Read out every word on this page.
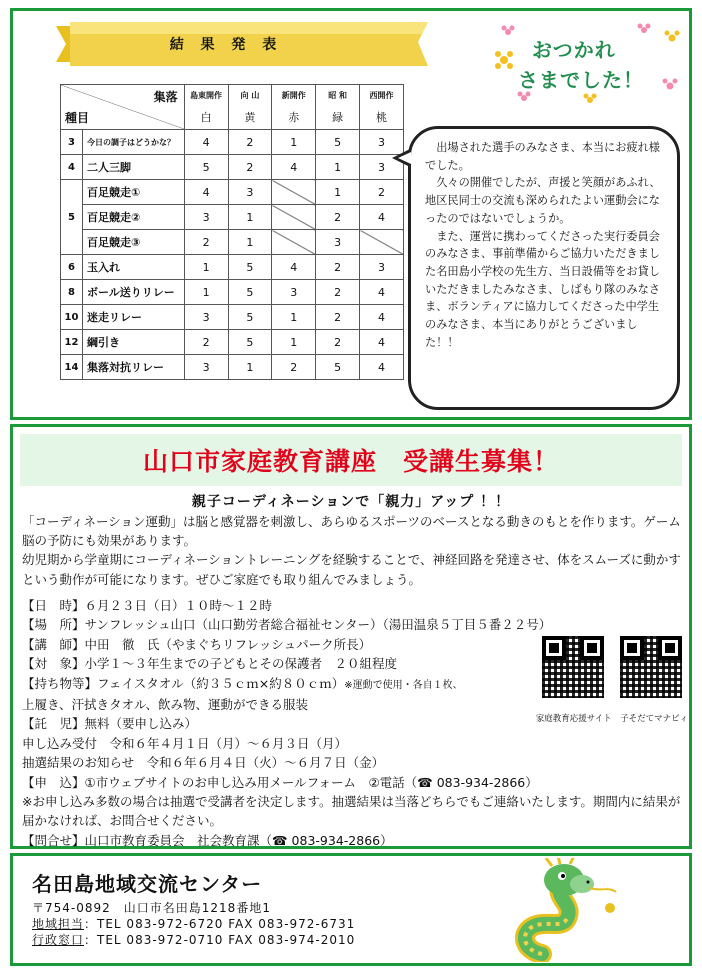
結 果 発 表	おつかれ
さまでした！
集落
種目		島東開作	向 山	新開作	昭 和	西開作
		白	黄	赤	緑	桃
3	今日の調子はどうかな？	4	2	1	5	3
4	二人三脚	5	2	4	1	3
5	百足競走①	4	3		1	2
	百足競走②	3	1		2	4
	百足競走③	2	1		3	
6	玉入れ	1	5	4	2	3
8	ボール送りリレー	1	5	3	2	4
10	迷走リレー	3	5	1	2	4
12	綱引き	2	5	1	2	4
14	集落対抗リレー	3	1	2	5	4

出場された選手のみなさま、本当にお疲れ様でした。

久々の開催でしたが、声援と笑顔があふれ、地区民同士の交流も深められたよい運動会になったのではないでしょうか。

また、運営に携わってくださった実行委員会のみなさま、事前準備からご協力いただきました名田島小学校の先生方、当日設備等をお貸しいただきましたみなさま、しばもり隊のみなさま、ボランティアに協力してくださった中学生のみなさま、本当にありがとうございました！！

山口市家庭教育講座　受講生募集！
親子コーディネーションで「親力」アップ ！！
「コーディネーション運動」は脳と感覚器を刺激し、あらゆるスポーツのベースとなる動きのもとを作ります。ゲーム脳の予防にも効果があります。
幼児期から学童期にコーディネーショントレーニングを経験することで、神経回路を発達させ、体をスムーズに動かすという動作が可能になります。ぜひご家庭でも取り組んでみましょう。
【日　時】６月２３日（日）１０時～１２時
【場　所】サンフレッシュ山口（山口勤労者総合福祉センター）（湯田温泉５丁目５番２２号）
【講　師】中田　徹　氏（やまぐちリフレッシュパーク所長）
【対　象】小学１～３年生までの子どもとその保護者　２０組程度
【持ち物等】フェイスタオル（約３５ｃｍ×約８０ｃｍ）※運動で使用・各自１枚、
上履き、汗拭きタオル、飲み物、運動ができる服装
【託　児】無料（要申し込み）
申し込み受付　令和６年４月１日（月）～６月３日（月）
抽選結果のお知らせ　令和６年６月４日（火）～６月７日（金）
【申　込】①市ウェブサイトのお申し込み用メールフォーム　②電話（☎ 083-934-2866）
※お申し込み多数の場合は抽選で受講者を決定します。抽選結果は当落どちらでもご連絡いたします。期間内に結果が届かなければ、お問合せください。
【問合せ】山口市教育委員会　社会教育課（☎ 083-934-2866）
家庭教育応援サイト　子そだてマナビィ
名田島地域交流センター
〒754-0892　山口市名田島1218番地1
地域担当：TEL 083-972-6720 FAX 083-972-6731
行政窓口：TEL 083-972-0710 FAX 083-974-2010
